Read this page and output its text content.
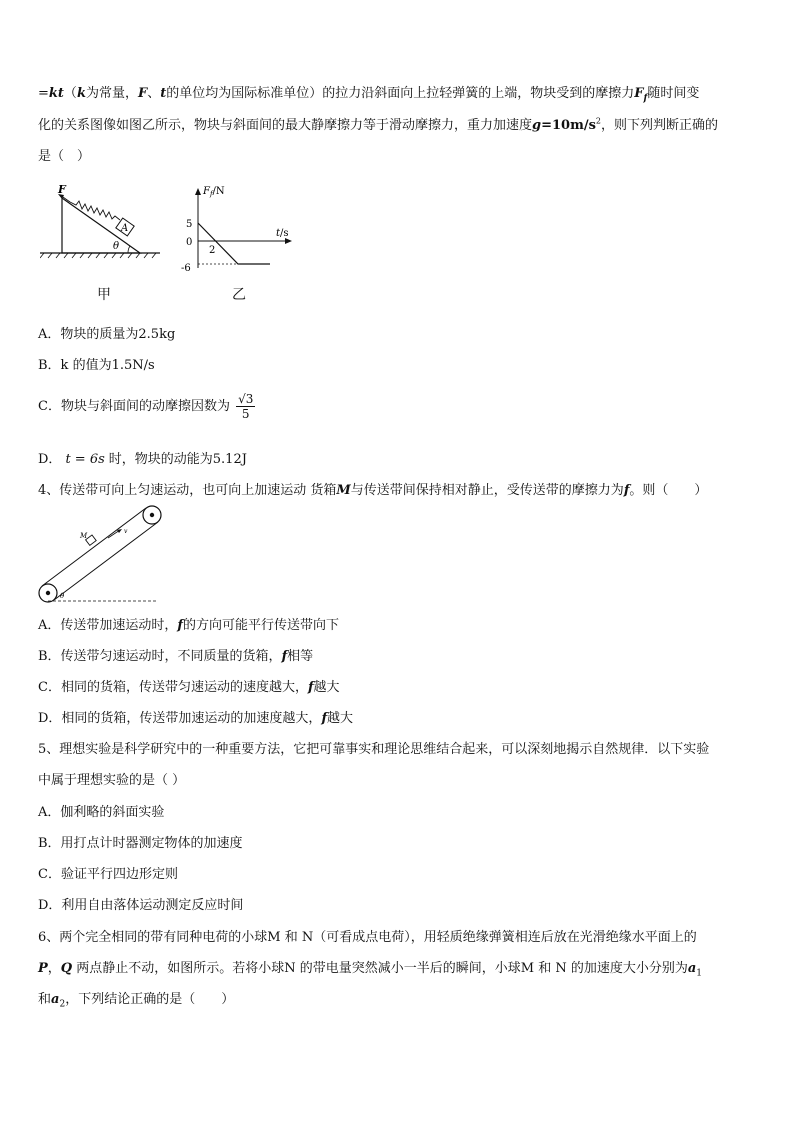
=kt（k为常量，F、t的单位均为国际标准单位）的拉力沿斜面向上拉轻弹簧的上端，物块受到的摩擦力$F_f$随时间变
化的关系图像如图乙所示，物块与斜面间的最大静摩擦力等于滑动摩擦力，重力加速度$g=10m/s^2$，则下列判断正确的
是（　）
A
F
θ
甲
$F_f/N$
t/s
5
0
-6
2
乙
A．物块的质量为2.5kg
B．k 的值为1.5N/s
C．物块与斜面间的动摩擦因数为 $\frac{√3}{5}$
D． t = 6s 时，物块的动能为5.12J
4、传送带可向上匀速运动，也可向上加速运动 货箱M与传送带间保持相对静止，受传送带的摩擦力为f。则（　　）
M
v
θ
A．传送带加速运动时，f的方向可能平行传送带向下
B．传送带匀速运动时，不同质量的货箱，f相等
C．相同的货箱，传送带匀速运动的速度越大，f越大
D．相同的货箱，传送带加速运动的加速度越大，f越大
5、理想实验是科学研究中的一种重要方法，它把可靠事实和理论思维结合起来，可以深刻地揭示自然规律．以下实验
中属于理想实验的是（ ）
A．伽利略的斜面实验
B．用打点计时器测定物体的加速度
C．验证平行四边形定则
D．利用自由落体运动测定反应时间
6、两个完全相同的带有同种电荷的小球M 和 N（可看成点电荷），用轻质绝缘弹簧相连后放在光滑绝缘水平面上的
P，Q 两点静止不动，如图所示。若将小球N 的带电量突然减小一半后的瞬间，小球M 和 N 的加速度大小分别为$a_1$
和$a_2$，下列结论正确的是（　　）
